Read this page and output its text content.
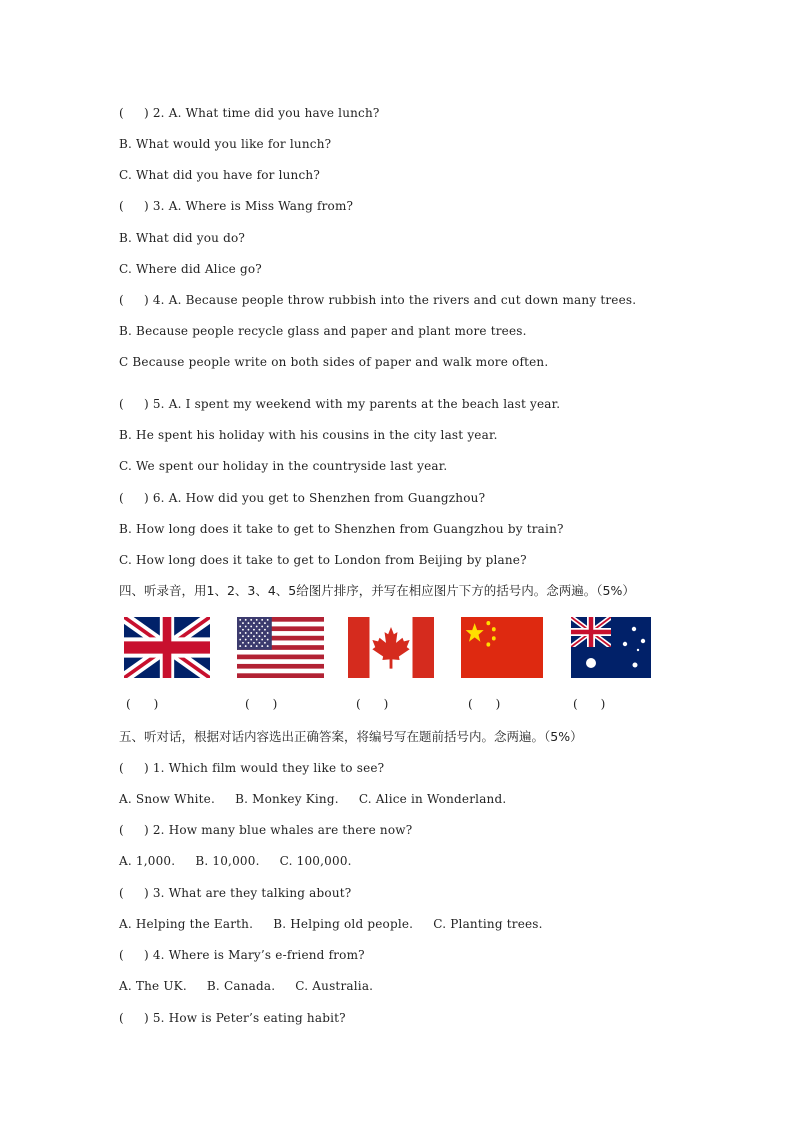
(     ) 2. A. What time did you have lunch?
B. What would you like for lunch?
C. What did you have for lunch?
(     ) 3. A. Where is Miss Wang from?
B. What did you do?
C. Where did Alice go?
(     ) 4. A. Because people throw rubbish into the rivers and cut down many trees.
B. Because people recycle glass and paper and plant more trees.
C Because people write on both sides of paper and walk more often.
(     ) 5. A. I spent my weekend with my parents at the beach last year.
B. He spent his holiday with his cousins in the city last year.
C. We spent our holiday in the countryside last year.
(     ) 6. A. How did you get to Shenzhen from Guangzhou?
B. How long does it take to get to Shenzhen from Guangzhou by train?
C. How long does it take to get to London from Beijing by plane?
四、听录音，用1、2、3、4、5给图片排序，并写在相应图片下方的括号内。念两遍。（5%）
(      )	(      )	(      )	(      )	(      )
五、听对话，根据对话内容选出正确答案，将编号写在题前括号内。念两遍。（5%）
(     ) 1. Which film would they like to see?
A. Snow White.     B. Monkey King.     C. Alice in Wonderland.
(     ) 2. How many blue whales are there now?
A. 1,000.     B. 10,000.     C. 100,000.
(     ) 3. What are they talking about?
A. Helping the Earth.     B. Helping old people.     C. Planting trees.
(     ) 4. Where is Mary’s e-friend from?
A. The UK.     B. Canada.     C. Australia.
(     ) 5. How is Peter’s eating habit?
